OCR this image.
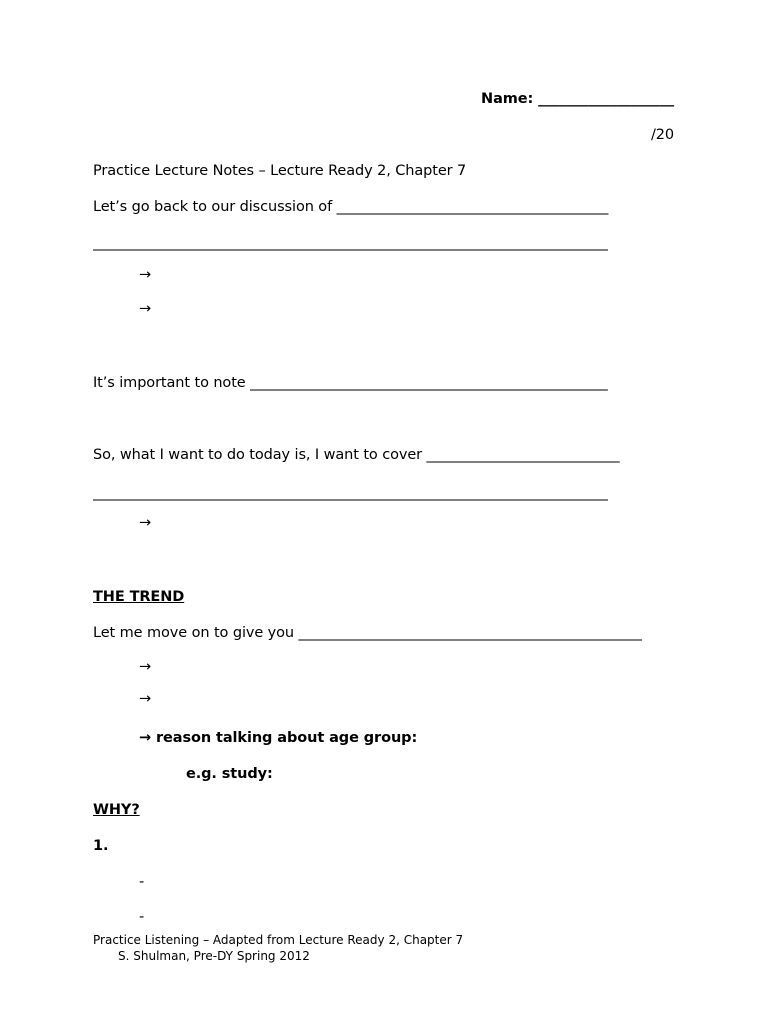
Name: ___________________
/20
Practice Lecture Notes – Lecture Ready 2, Chapter 7
Let’s go back to our discussion of ______________________________________
________________________________________________________________________
→
→
It’s important to note __________________________________________________
So, what I want to do today is, I want to cover ___________________________
________________________________________________________________________
→
THE TREND
Let me move on to give you ________________________________________________
→
→
→ reason talking about age group:
e.g. study:
WHY?
1.
-
-
Practice Listening – Adapted from Lecture Ready 2, Chapter 7
S. Shulman, Pre-DY Spring 2012
